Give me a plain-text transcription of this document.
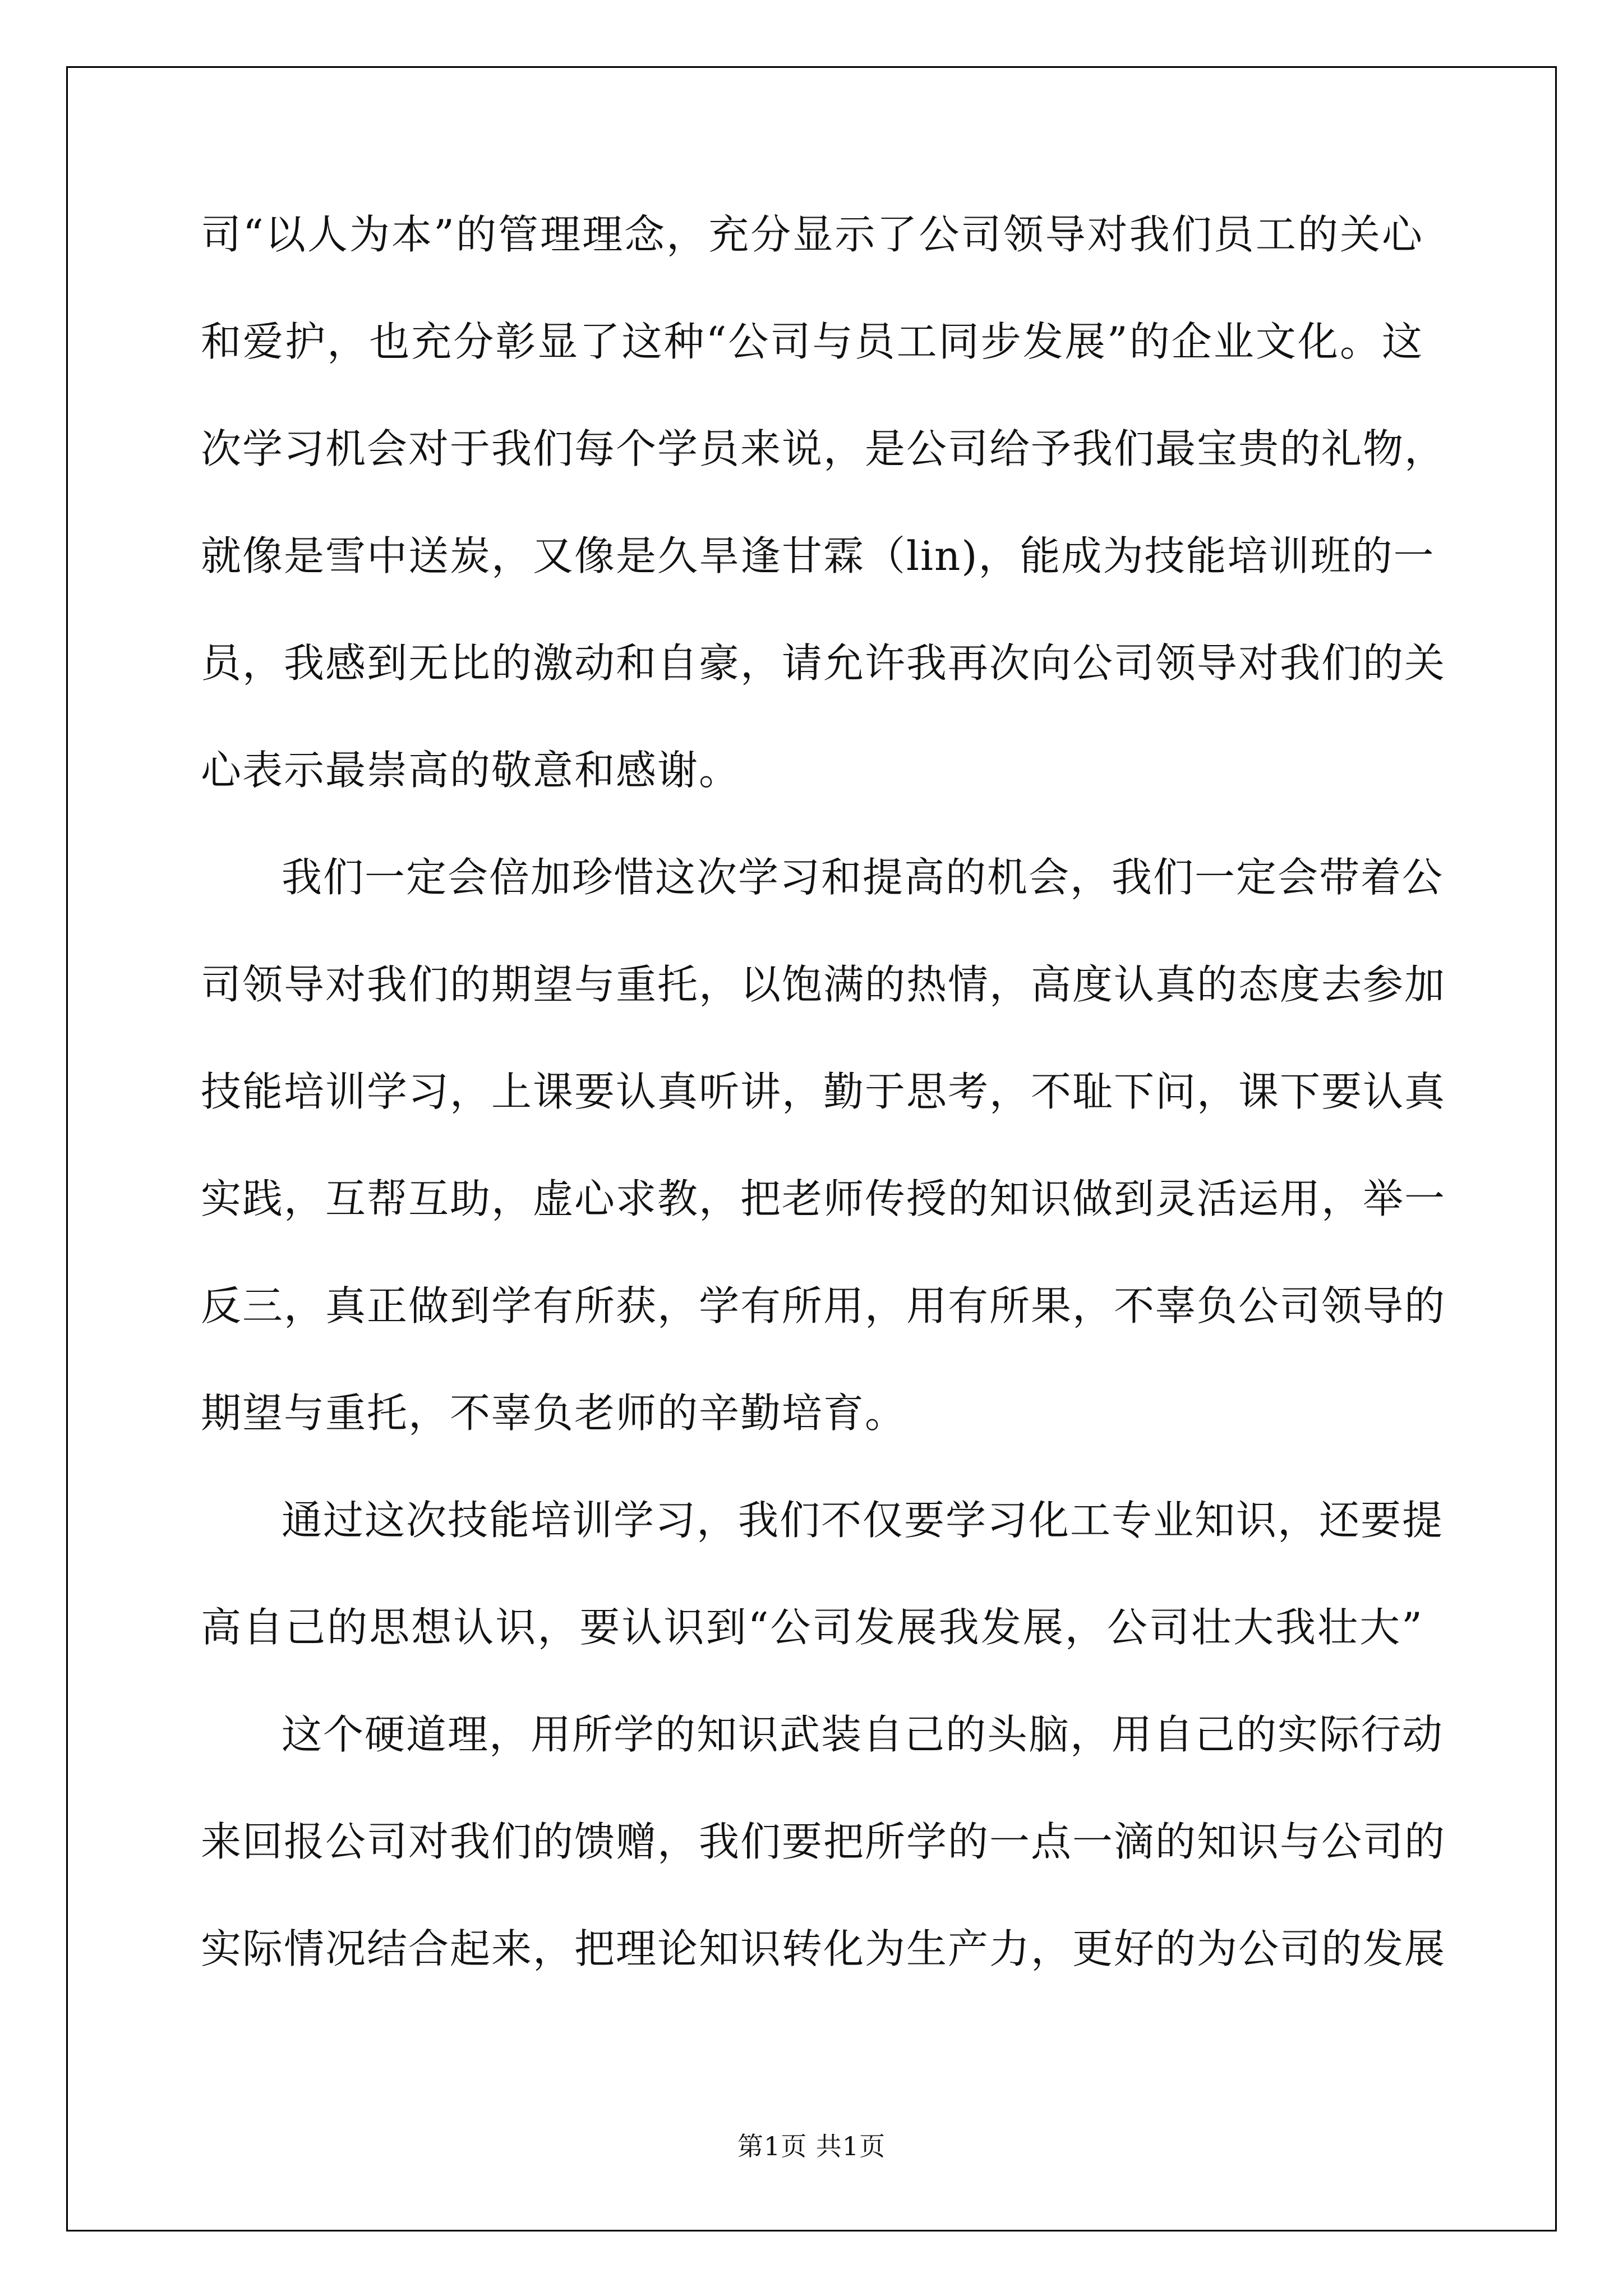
司“以人为本”的管理理念，充分显示了公司领导对我们员工的关心
和爱护，也充分彰显了这种“公司与员工同步发展”的企业文化。这
次学习机会对于我们每个学员来说，是公司给予我们最宝贵的礼物，
就像是雪中送炭，又像是久旱逢甘霖（lin)，能成为技能培训班的一
员，我感到无比的激动和自豪，请允许我再次向公司领导对我们的关
心表示最崇高的敬意和感谢。
我们一定会倍加珍惜这次学习和提高的机会，我们一定会带着公
司领导对我们的期望与重托，以饱满的热情，高度认真的态度去参加
技能培训学习，上课要认真听讲，勤于思考，不耻下问，课下要认真
实践，互帮互助，虚心求教，把老师传授的知识做到灵活运用，举一
反三，真正做到学有所获，学有所用，用有所果，不辜负公司领导的
期望与重托，不辜负老师的辛勤培育。
通过这次技能培训学习，我们不仅要学习化工专业知识，还要提
高自己的思想认识，要认识到“公司发展我发展，公司壮大我壮大”
这个硬道理，用所学的知识武装自己的头脑，用自己的实际行动
来回报公司对我们的馈赠，我们要把所学的一点一滴的知识与公司的
实际情况结合起来，把理论知识转化为生产力，更好的为公司的发展
第1页 共1页
